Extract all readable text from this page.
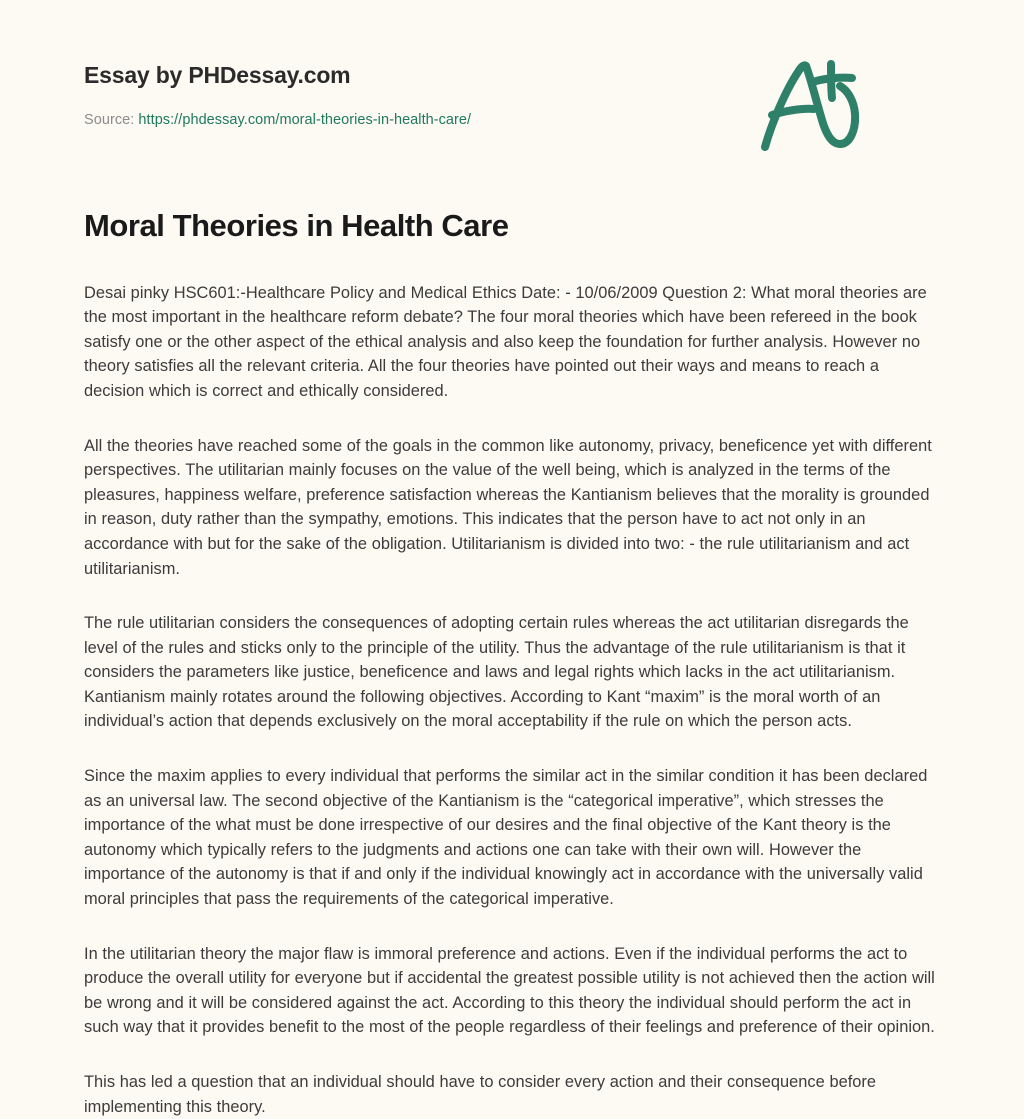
Essay by PHDessay.com
Source: https://phdessay.com/moral-theories-in-health-care/
Moral Theories in Health Care

Desai pinky HSC601:-Healthcare Policy and Medical Ethics Date: - 10/06/2009 Question 2: What moral theories are the most important in the healthcare reform debate? The four moral theories which have been refereed in the book satisfy one or the other aspect of the ethical analysis and also keep the foundation for further analysis. However no theory satisfies all the relevant criteria. All the four theories have pointed out their ways and means to reach a decision which is correct and ethically considered.

All the theories have reached some of the goals in the common like autonomy, privacy, beneficence yet with different perspectives. The utilitarian mainly focuses on the value of the well being, which is analyzed in the terms of the pleasures, happiness welfare, preference satisfaction whereas the Kantianism believes that the morality is grounded in reason, duty rather than the sympathy, emotions. This indicates that the person have to act not only in an accordance with but for the sake of the obligation. Utilitarianism is divided into two: - the rule utilitarianism and act utilitarianism.

The rule utilitarian considers the consequences of adopting certain rules whereas the act utilitarian disregards the level of the rules and sticks only to the principle of the utility. Thus the advantage of the rule utilitarianism is that it considers the parameters like justice, beneficence and laws and legal rights which lacks in the act utilitarianism. Kantianism mainly rotates around the following objectives. According to Kant “maxim” is the moral worth of an individual’s action that depends exclusively on the moral acceptability if the rule on which the person acts.

Since the maxim applies to every individual that performs the similar act in the similar condition it has been declared as an universal law. The second objective of the Kantianism is the “categorical imperative”, which stresses the importance of the what must be done irrespective of our desires and the final objective of the Kant theory is the autonomy which typically refers to the judgments and actions one can take with their own will. However the importance of the autonomy is that if and only if the individual knowingly act in accordance with the universally valid moral principles that pass the requirements of the categorical imperative.

In the utilitarian theory the major flaw is immoral preference and actions. Even if the individual performs the act to produce the overall utility for everyone but if accidental the greatest possible utility is not achieved then the action will be wrong and it will be considered against the act. According to this theory the individual should perform the act in such way that it provides benefit to the most of the people regardless of their feelings and preference of their opinion.

This has led a question that an individual should have to consider every action and their consequence before implementing this theory.
